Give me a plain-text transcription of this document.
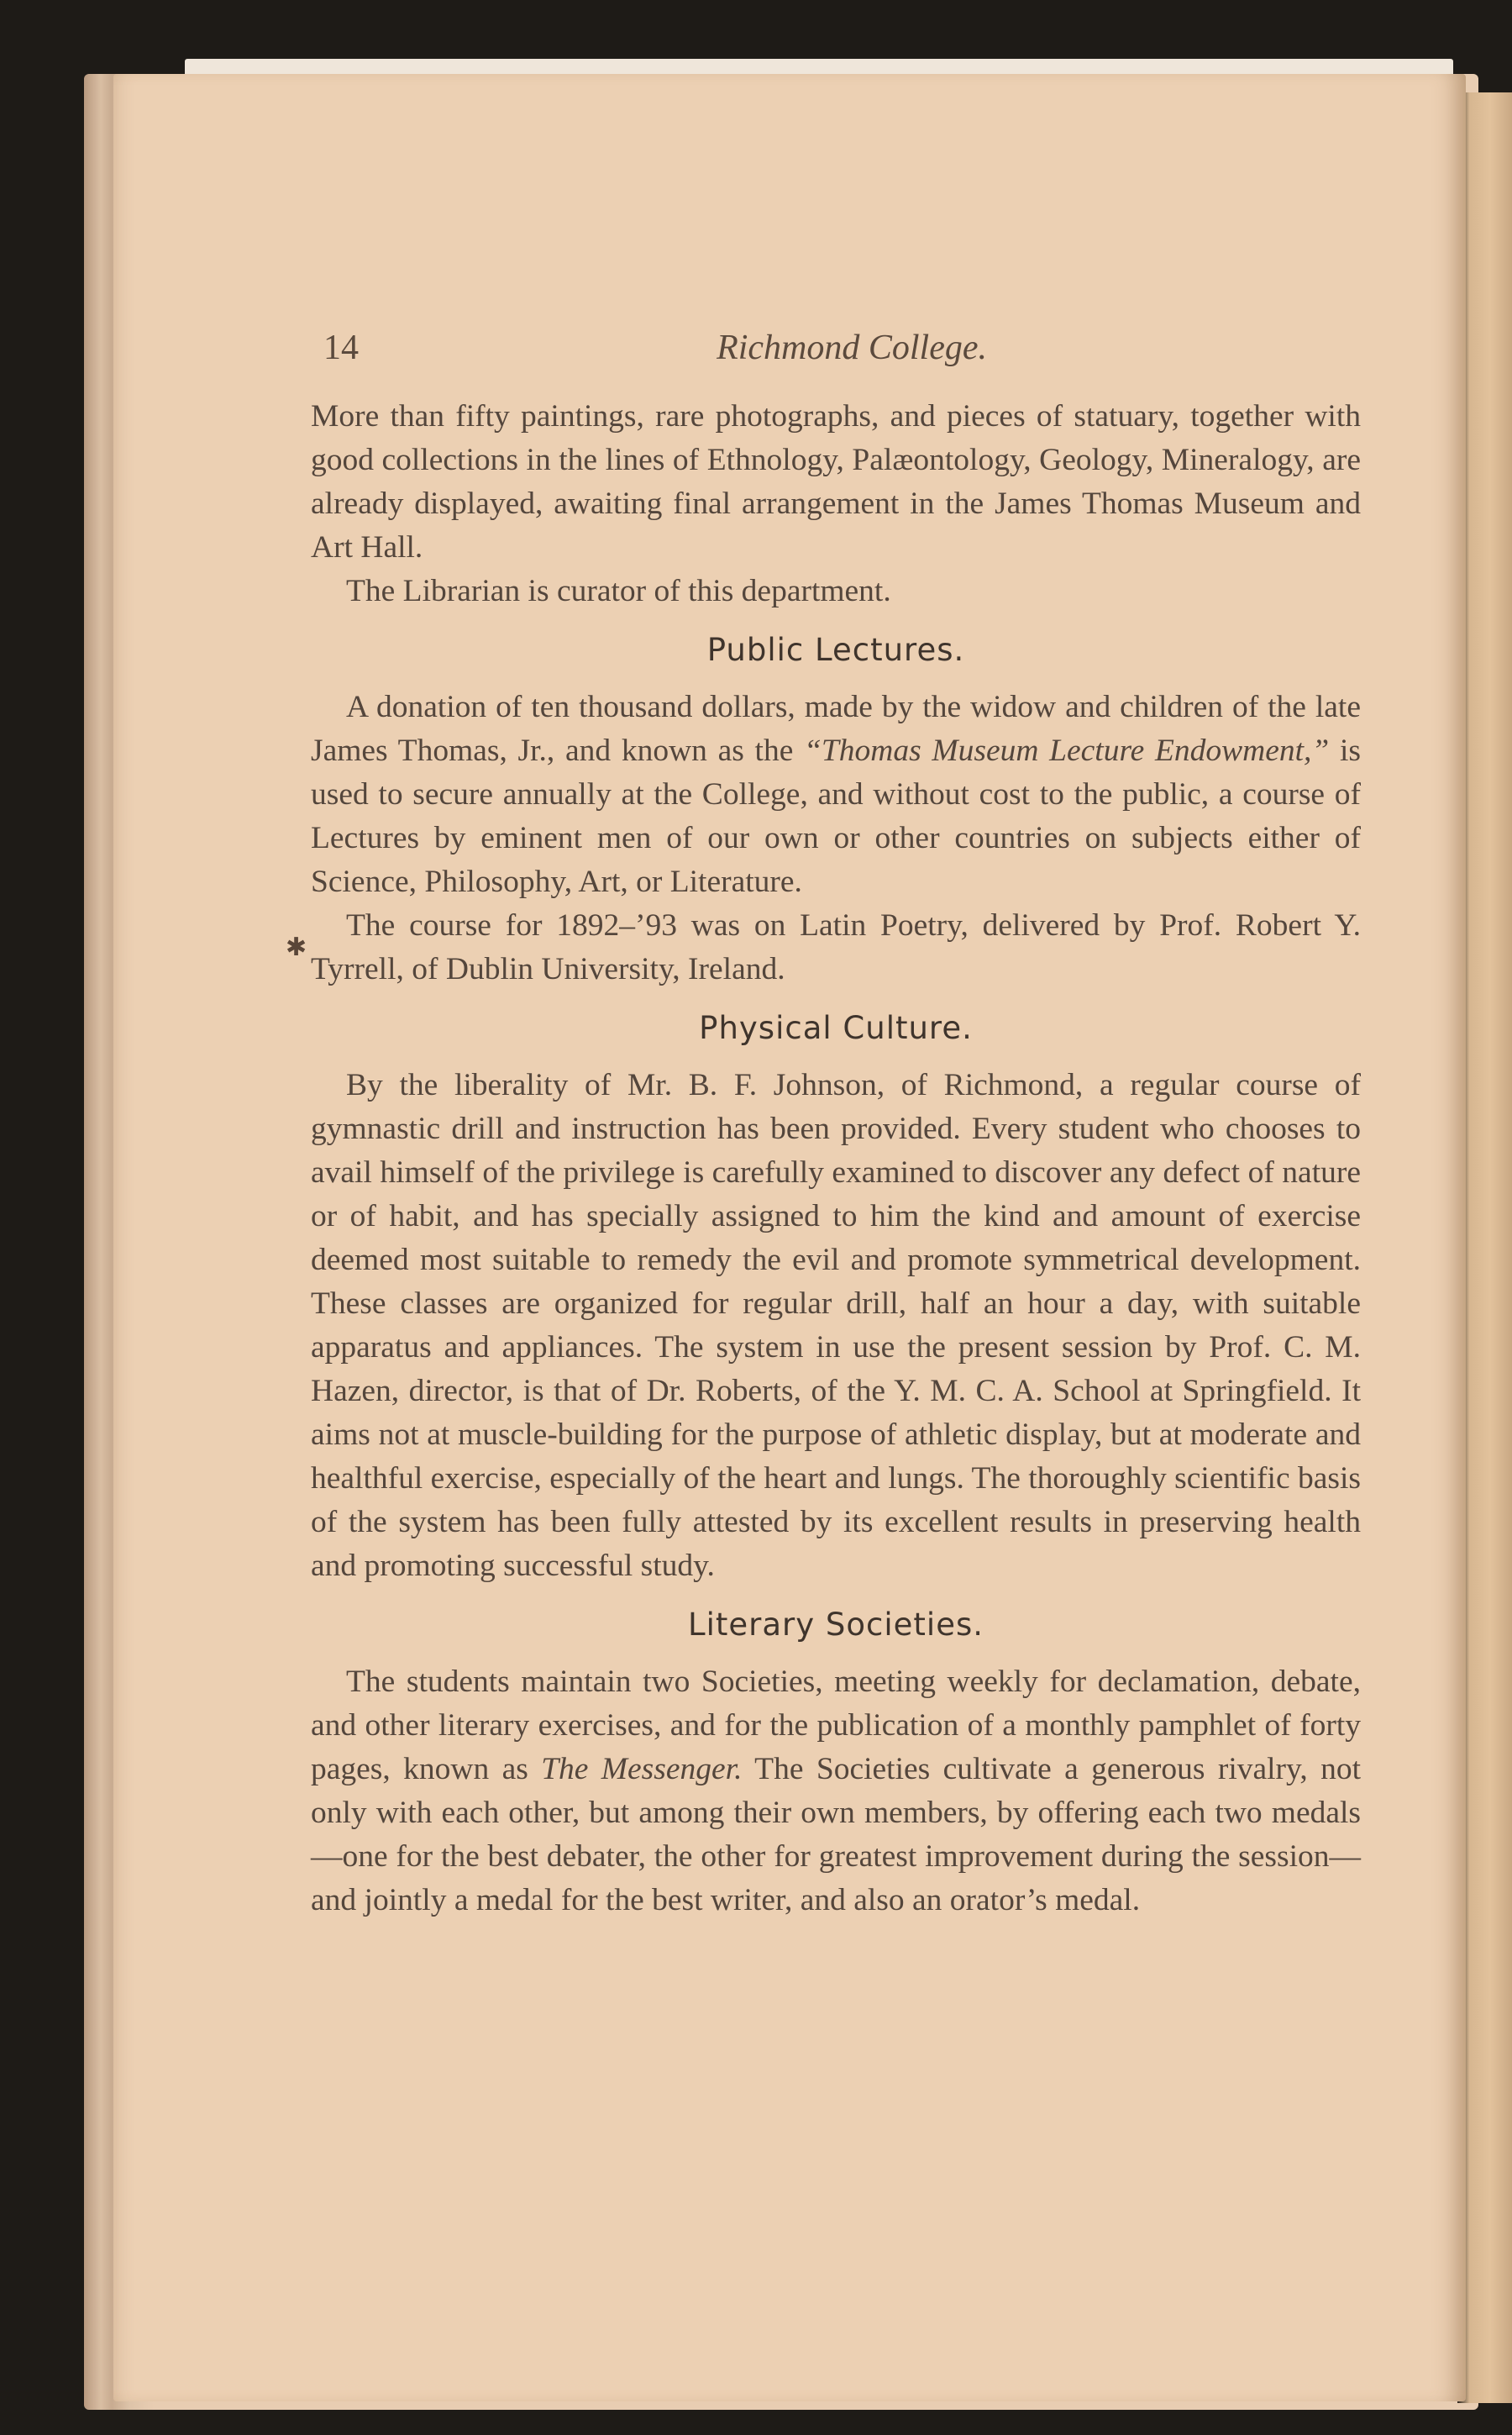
14	Richmond College.

More than fifty paintings, rare photographs, and pieces of statuary, together with good collections in the lines of Ethnology, Palæontology, Geology, Mineralogy, are already displayed, awaiting final arrangement in the James Thomas Museum and Art Hall.

The Librarian is curator of this department.

Public Lectures.

A donation of ten thousand dollars, made by the widow and children of the late James Thomas, Jr., and known as the “Thomas Museum Lecture Endowment,” is used to secure annually at the College, and without cost to the public, a course of Lectures by eminent men of our own or other countries on subjects either of Science, Philosophy, Art, or Literature.

The course for 1892–’93 was on Latin Poetry, delivered by Prof. Robert Y. Tyrrell, of Dublin University, Ireland.

Physical Culture.

By the liberality of Mr. B. F. Johnson, of Richmond, a regular course of gymnastic drill and instruction has been provided. Every student who chooses to avail himself of the privilege is carefully examined to discover any defect of nature or of habit, and has specially assigned to him the kind and amount of exercise deemed most suitable to remedy the evil and promote symmetrical development. These classes are organized for regular drill, half an hour a day, with suitable apparatus and appliances. The system in use the present session by Prof. C. M. Hazen, director, is that of Dr. Roberts, of the Y. M. C. A. School at Springfield. It aims not at muscle-building for the purpose of athletic display, but at moderate and healthful exercise, especially of the heart and lungs. The thoroughly scientific basis of the system has been fully attested by its excellent results in preserving health and promoting successful study.

Literary Societies.

The students maintain two Societies, meeting weekly for declamation, debate, and other literary exercises, and for the publication of a monthly pamphlet of forty pages, known as The Messenger. The Societies cultivate a generous rivalry, not only with each other, but among their own members, by offering each two medals—one for the best debater, the other for greatest improvement during the session—and jointly a medal for the best writer, and also an orator’s medal.

✱
